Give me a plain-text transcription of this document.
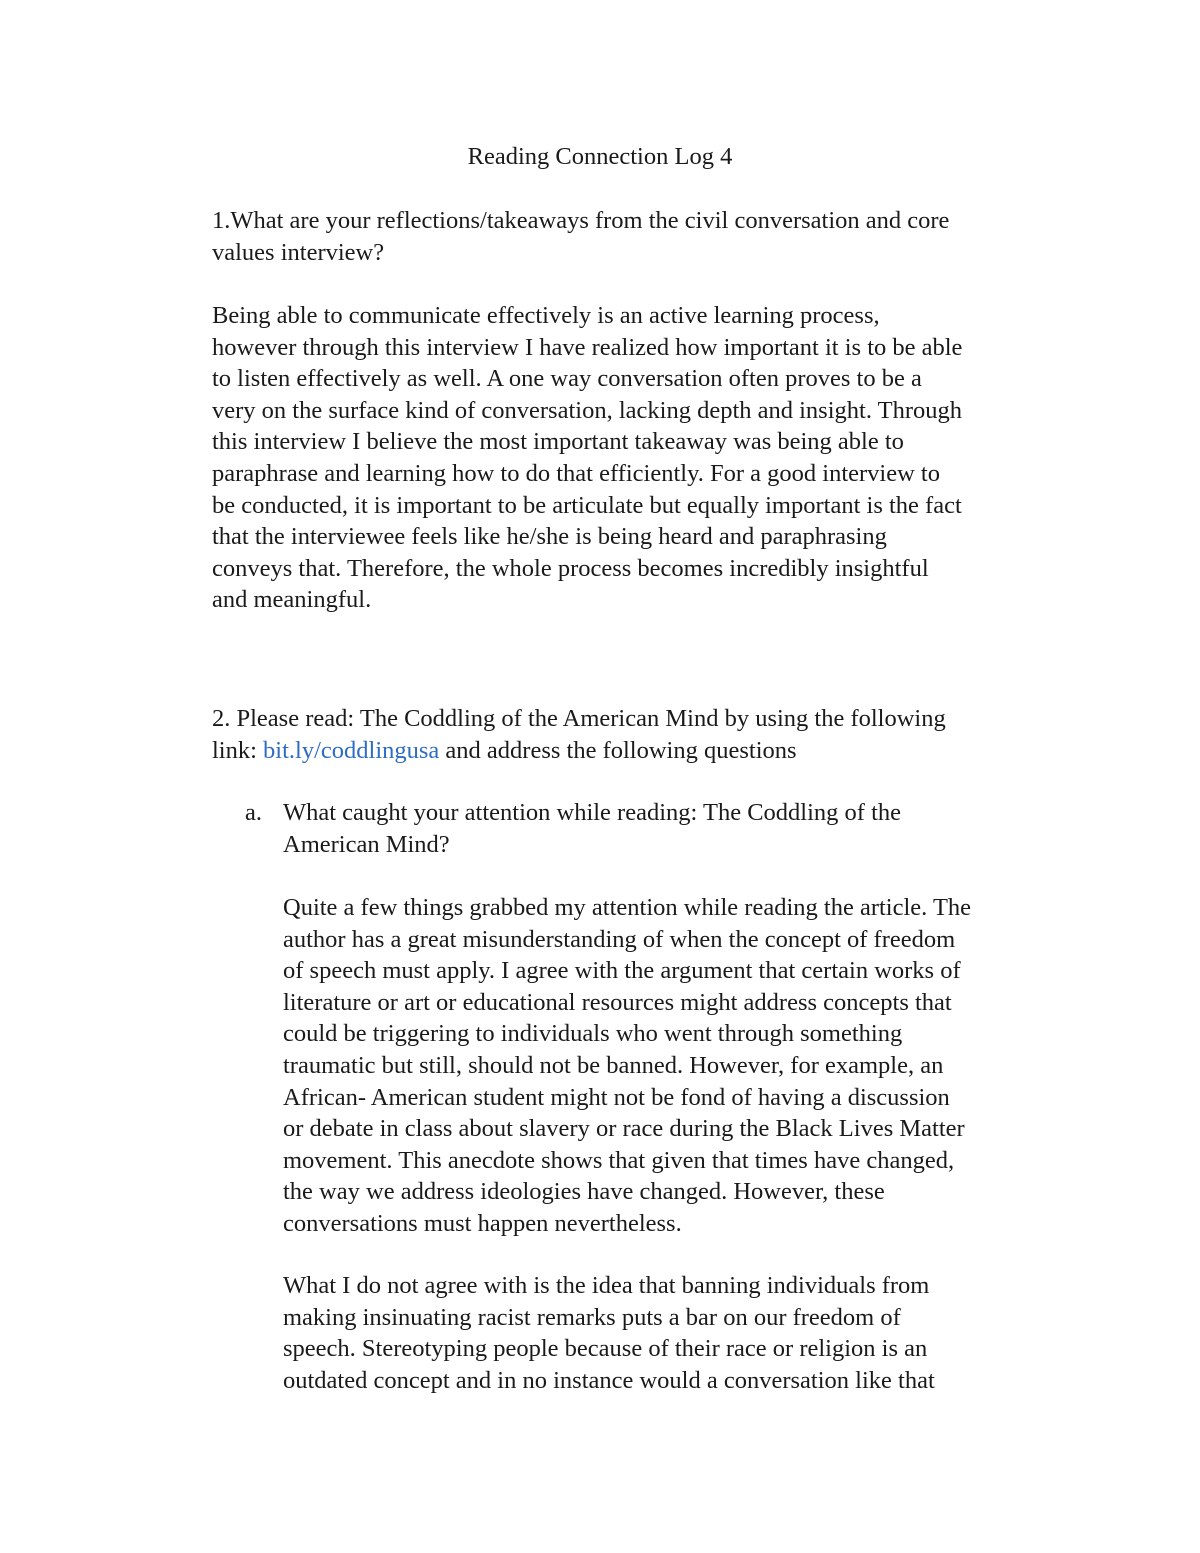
Reading Connection Log 4
1.What are your reflections/takeaways from the civil conversation and core
values interview?
Being able to communicate effectively is an active learning process,
however through this interview I have realized how important it is to be able
to listen effectively as well. A one way conversation often proves to be a
very on the surface kind of conversation, lacking depth and insight. Through
this interview I believe the most important takeaway was being able to
paraphrase and learning how to do that efficiently. For a good interview to
be conducted, it is important to be articulate but equally important is the fact
that the interviewee feels like he/she is being heard and paraphrasing
conveys that. Therefore, the whole process becomes incredibly insightful
and meaningful.
2. Please read: The Coddling of the American Mind by using the following
link: bit.ly/coddlingusa and address the following questions
a. What caught your attention while reading: The Coddling of the
American Mind?
Quite a few things grabbed my attention while reading the article. The
author has a great misunderstanding of when the concept of freedom
of speech must apply. I agree with the argument that certain works of
literature or art or educational resources might address concepts that
could be triggering to individuals who went through something
traumatic but still, should not be banned. However, for example, an
African- American student might not be fond of having a discussion
or debate in class about slavery or race during the Black Lives Matter
movement. This anecdote shows that given that times have changed,
the way we address ideologies have changed. However, these
conversations must happen nevertheless.
What I do not agree with is the idea that banning individuals from
making insinuating racist remarks puts a bar on our freedom of
speech. Stereotyping people because of their race or religion is an
outdated concept and in no instance would a conversation like that
